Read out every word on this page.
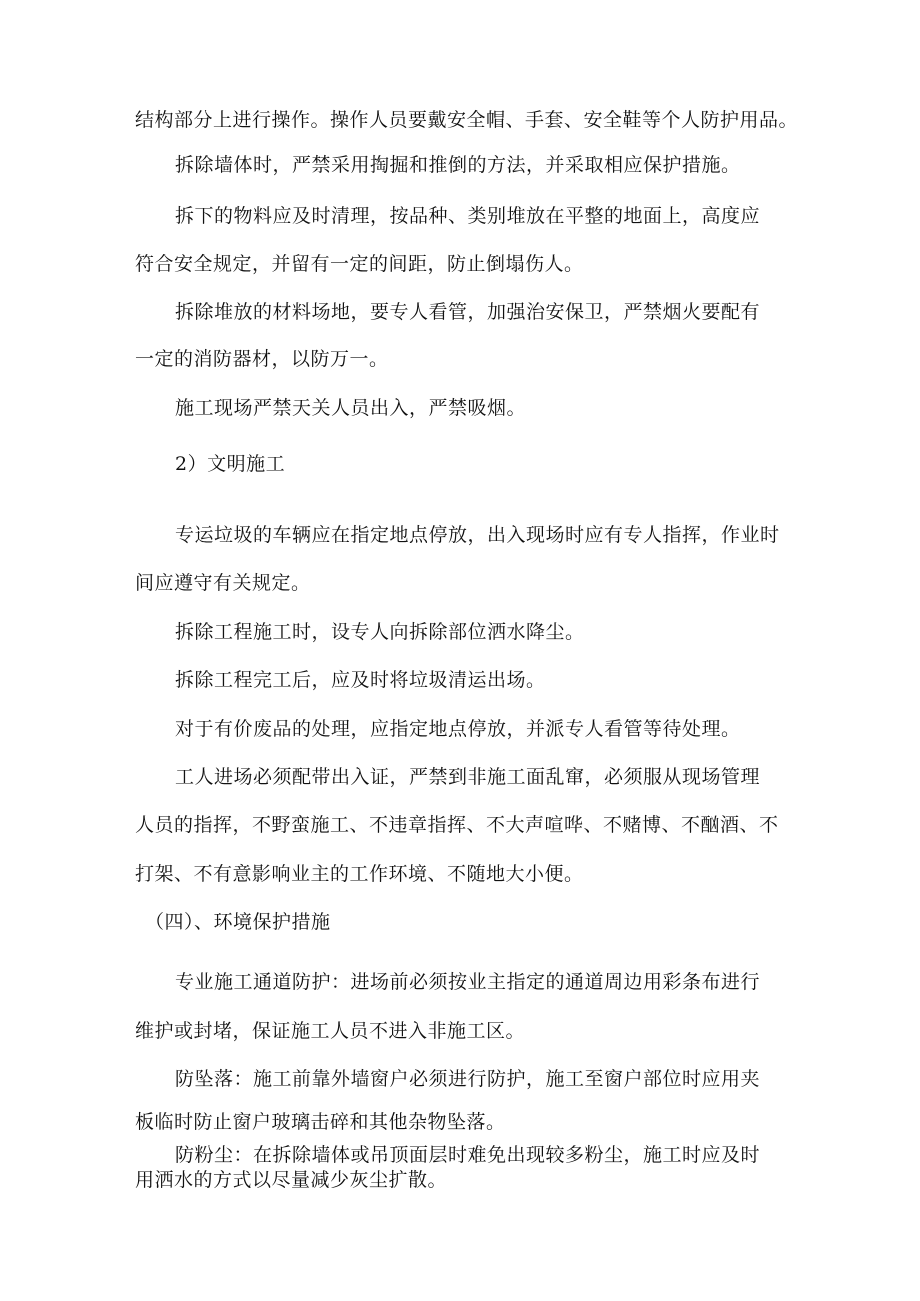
结构部分上进行操作。操作人员要戴安全帽、手套、安全鞋等个人防护用品。

拆除墙体时，严禁采用掏掘和推倒的方法，并采取相应保护措施。

拆下的物料应及时清理，按品种、类别堆放在平整的地面上，高度应

符合安全规定，并留有一定的间距，防止倒塌伤人。

拆除堆放的材料场地，要专人看管，加强治安保卫，严禁烟火要配有

一定的消防器材，以防万一。

施工现场严禁天关人员出入，严禁吸烟。

2）文明施工

专运垃圾的车辆应在指定地点停放，出入现场时应有专人指挥，作业时

间应遵守有关规定。

拆除工程施工时，设专人向拆除部位洒水降尘。

拆除工程完工后，应及时将垃圾清运出场。

对于有价废品的处理，应指定地点停放，并派专人看管等待处理。

工人进场必须配带出入证，严禁到非施工面乱窜，必须服从现场管理

人员的指挥，不野蛮施工、不违章指挥、不大声喧哗、不赌博、不酗酒、不

打架、不有意影响业主的工作环境、不随地大小便。

（四）、环境保护措施

专业施工通道防护：进场前必须按业主指定的通道周边用彩条布进行

维护或封堵，保证施工人员不进入非施工区。

防坠落：施工前靠外墙窗户必须进行防护，施工至窗户部位时应用夹

板临时防止窗户玻璃击碎和其他杂物坠落。

防粉尘：在拆除墙体或吊顶面层时难免出现较多粉尘，施工时应及时

用洒水的方式以尽量减少灰尘扩散。
